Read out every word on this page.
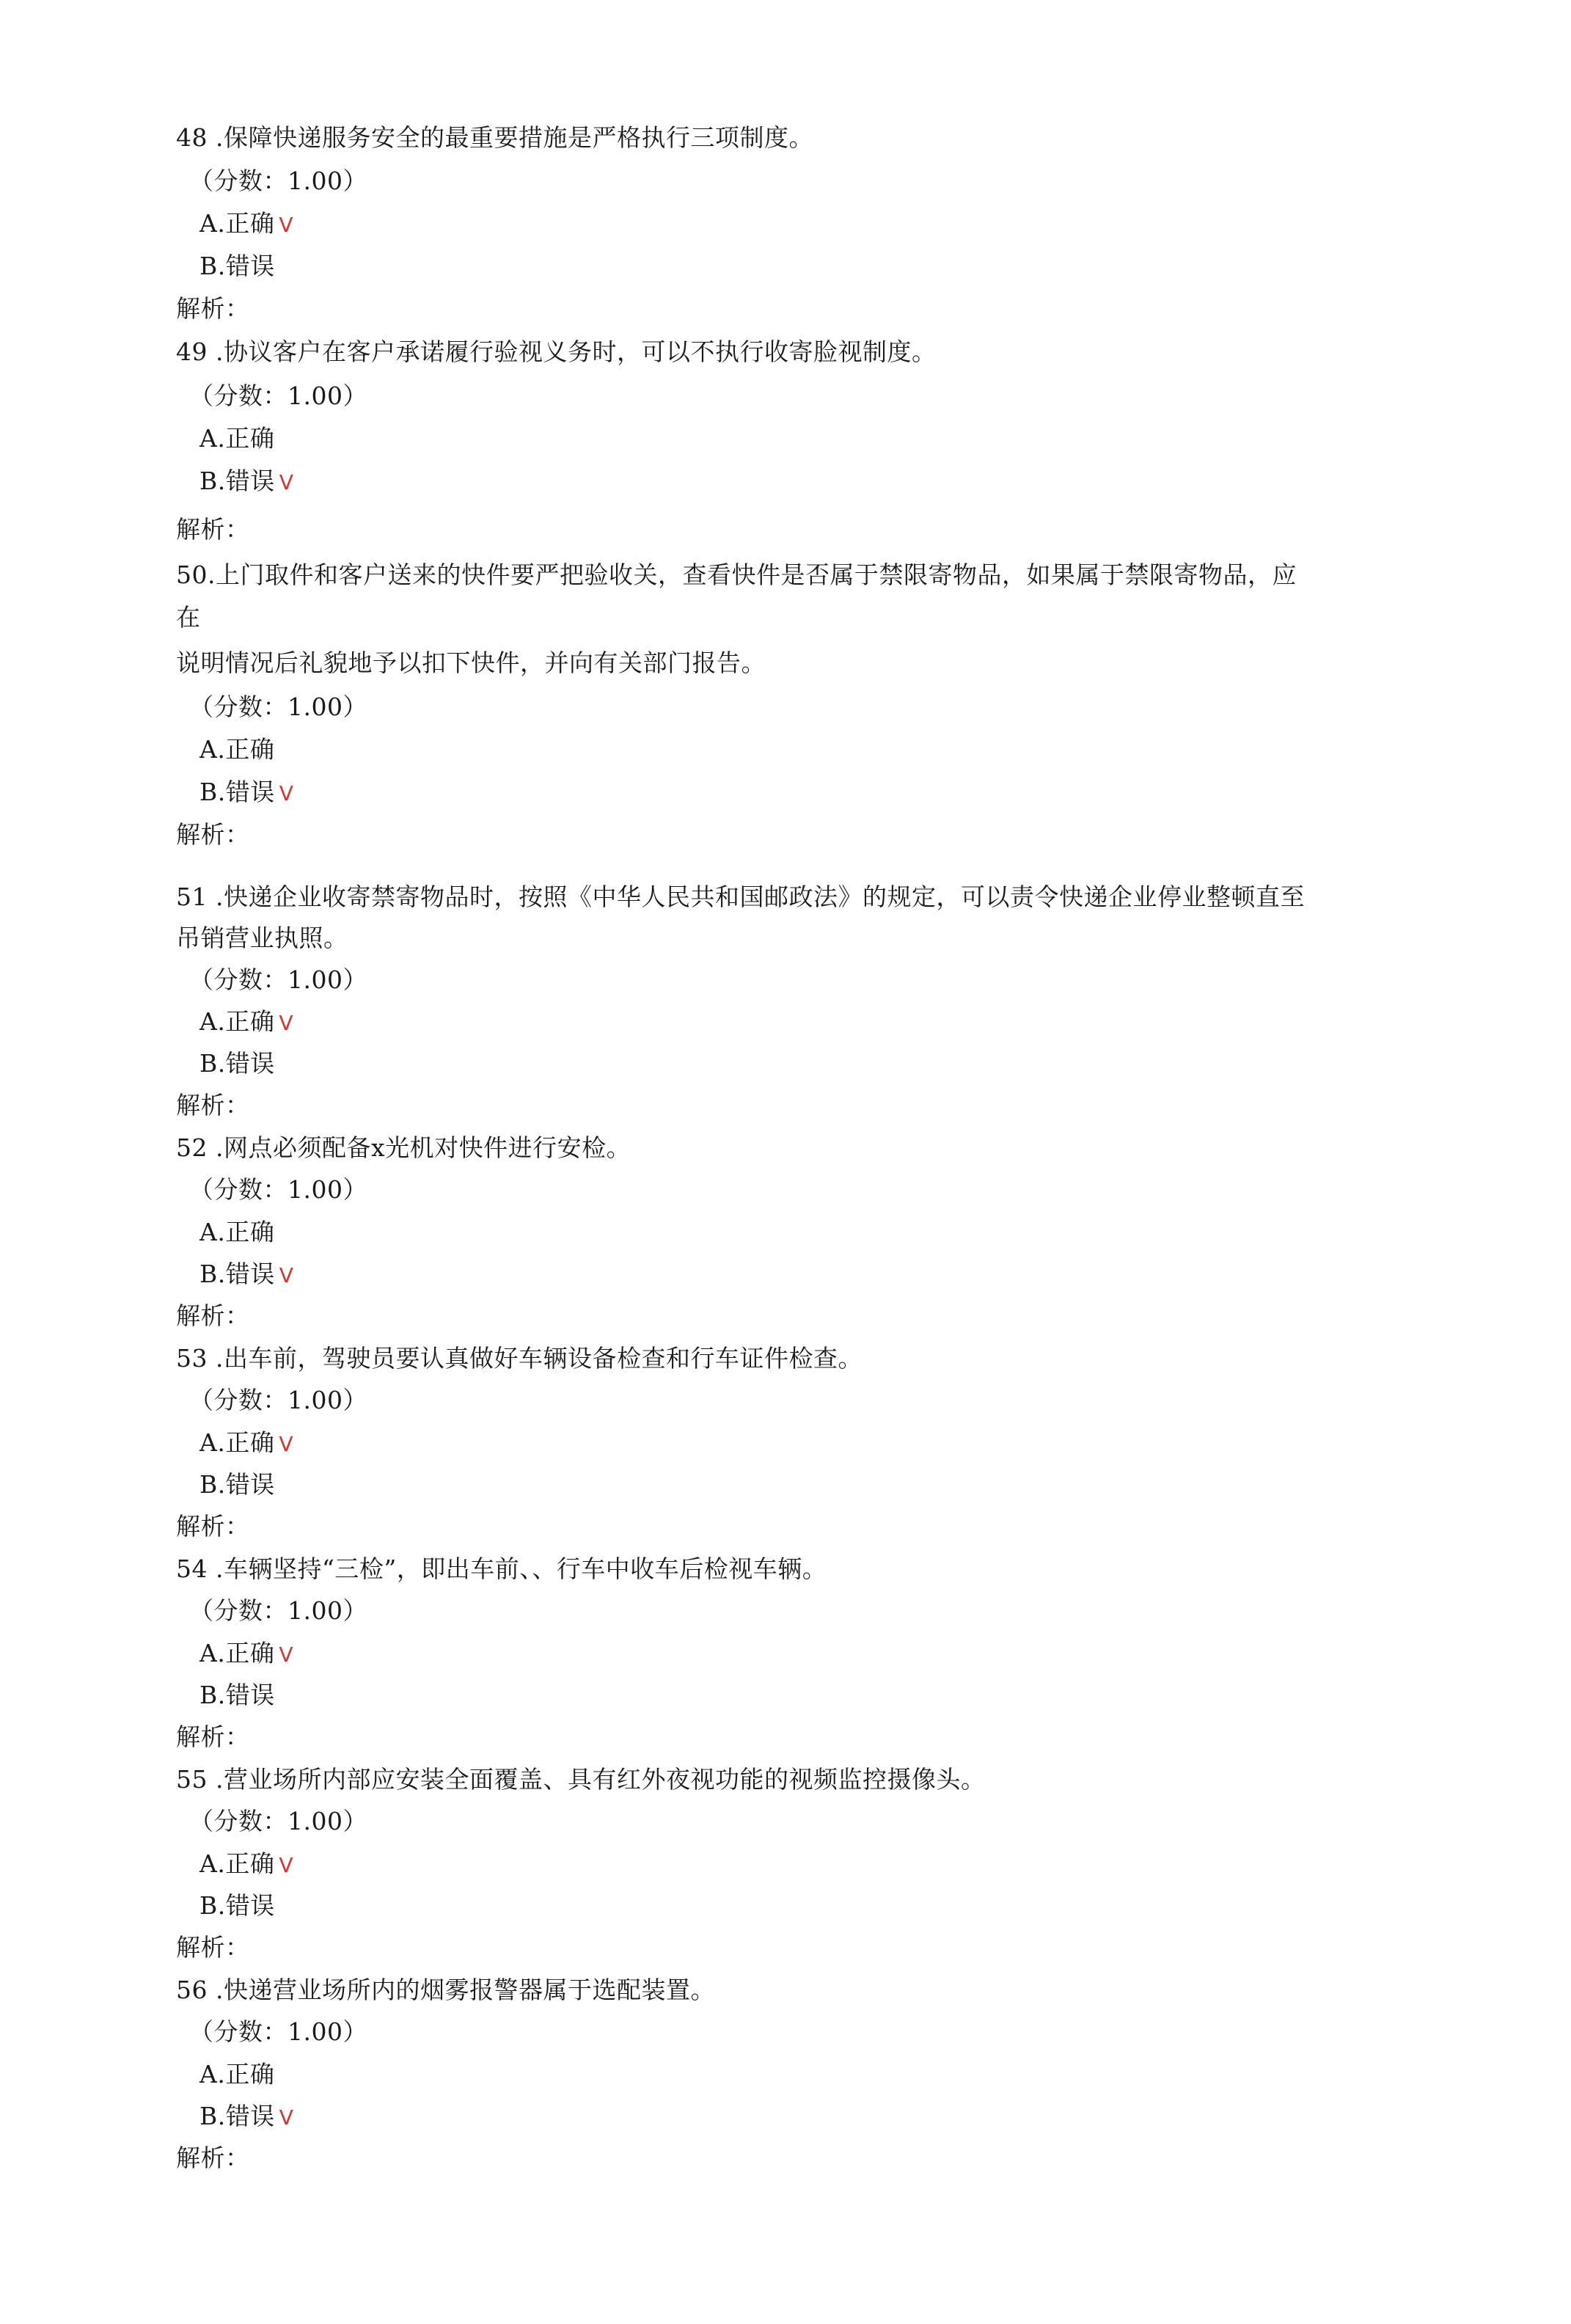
48 .保障快递服务安全的最重要措施是严格执行三项制度。
（分数：1.00）
A.正确 V
B.错误
解析：
49 .协议客户在客户承诺履行验视义务时，可以不执行收寄脸视制度。
（分数：1.00）
A.正确
B.错误 V
解析：
50.上门取件和客户送来的快件要严把验收关，查看快件是否属于禁限寄物品，如果属于禁限寄物品，应
在
说明情况后礼貌地予以扣下快件，并向有关部门报告。
（分数：1.00）
A.正确
B.错误 V
解析：
51 .快递企业收寄禁寄物品时，按照《中华人民共和国邮政法》的规定，可以责令快递企业停业整顿直至
吊销营业执照。
（分数：1.00）
A.正确 V
B.错误
解析：
52 .网点必须配备x光机对快件进行安检。
（分数：1.00）
A.正确
B.错误 V
解析：
53 .出车前，驾驶员要认真做好车辆设备检查和行车证件检查。
（分数：1.00）
A.正确 V
B.错误
解析：
54 .车辆坚持“三检”，即出车前、、行车中收车后检视车辆。
（分数：1.00）
A.正确 V
B.错误
解析：
55 .营业场所内部应安装全面覆盖、具有红外夜视功能的视频监控摄像头。
（分数：1.00）
A.正确 V
B.错误
解析：
56 .快递营业场所内的烟雾报警器属于选配装置。
（分数：1.00）
A.正确
B.错误 V
解析：
